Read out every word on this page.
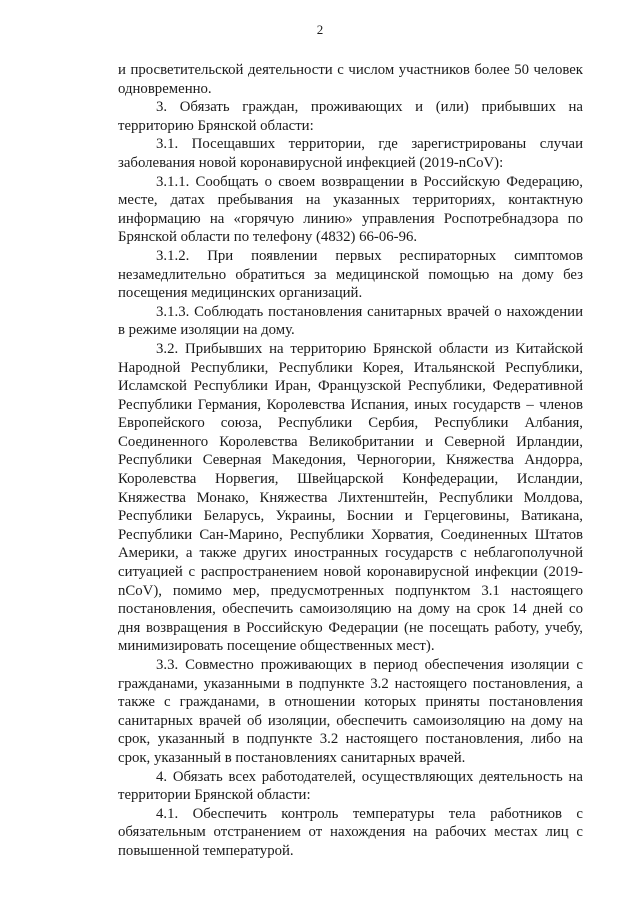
2

и просветительской деятельности с числом участников более 50 человек одновременно.

3. Обязать граждан, проживающих и (или) прибывших на территорию Брянской области:

3.1. Посещавших территории, где зарегистрированы случаи заболевания новой коронавирусной инфекцией (2019-nCoV):

3.1.1. Сообщать о своем возвращении в Российскую Федерацию, месте, датах пребывания на указанных территориях, контактную информацию на «горячую линию» управления Роспотребнадзора по Брянской области по телефону (4832) 66-06-96.

3.1.2. При появлении первых респираторных симптомов незамедлительно обратиться за медицинской помощью на дому без посещения медицинских организаций.

3.1.3. Соблюдать постановления санитарных врачей о нахождении в режиме изоляции на дому.

3.2. Прибывших на территорию Брянской области из Китайской Народной Республики, Республики Корея, Итальянской Республики, Исламской Республики Иран, Французской Республики, Федеративной Республики Германия, Королевства Испания, иных государств – членов Европейского союза, Республики Сербия, Республики Албания, Соединенного Королевства Великобритании и Северной Ирландии, Республики Северная Македония, Черногории, Княжества Андорра, Королевства Норвегия, Швейцарской Конфедерации, Исландии, Княжества Монако, Княжества Лихтенштейн, Республики Молдова, Республики Беларусь, Украины, Боснии и Герцеговины, Ватикана, Республики Сан-Марино, Республики Хорватия, Соединенных Штатов Америки, а также других иностранных государств с неблагополучной ситуацией с распространением новой коронавирусной инфекции (2019-nCoV), помимо мер, предусмотренных подпунктом 3.1 настоящего постановления, обеспечить самоизоляцию на дому на срок 14 дней со дня возвращения в Российскую Федерации (не посещать работу, учебу, минимизировать посещение общественных мест).

3.3. Совместно проживающих в период обеспечения изоляции с гражданами, указанными в подпункте 3.2 настоящего постановления, а также с гражданами, в отношении которых приняты постановления санитарных врачей об изоляции, обеспечить самоизоляцию на дому на срок, указанный в подпункте 3.2 настоящего постановления, либо на срок, указанный в постановлениях санитарных врачей.

4. Обязать всех работодателей, осуществляющих деятельность на территории Брянской области:

4.1. Обеспечить контроль температуры тела работников с обязательным отстранением от нахождения на рабочих местах лиц с повышенной температурой.
